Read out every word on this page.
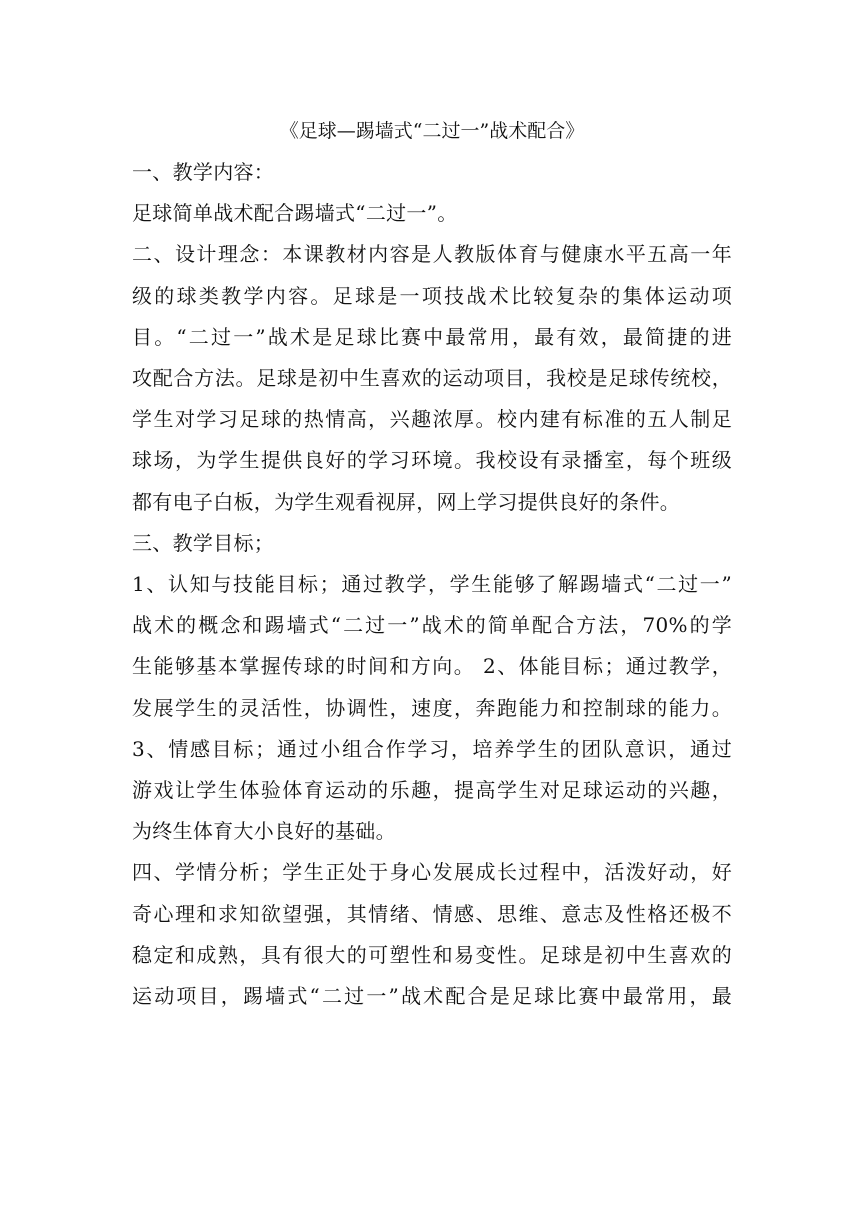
《足球—踢墙式“二过一”战术配合》

一、教学内容：

足球简单战术配合踢墙式“二过一”。

二、设计理念：本课教材内容是人教版体育与健康水平五高一年

级的球类教学内容。足球是一项技战术比较复杂的集体运动项

目。“二过一”战术是足球比赛中最常用，最有效，最简捷的进

攻配合方法。足球是初中生喜欢的运动项目，我校是足球传统校，

学生对学习足球的热情高，兴趣浓厚。校内建有标准的五人制足

球场，为学生提供良好的学习环境。我校设有录播室，每个班级

都有电子白板，为学生观看视屏，网上学习提供良好的条件。

三、教学目标；

1、认知与技能目标；通过教学，学生能够了解踢墙式“二过一”

战术的概念和踢墙式“二过一”战术的简单配合方法，70%的学

生能够基本掌握传球的时间和方向。 2、体能目标；通过教学，

发展学生的灵活性，协调性，速度，奔跑能力和控制球的能力。

3、情感目标；通过小组合作学习，培养学生的团队意识，通过

游戏让学生体验体育运动的乐趣，提高学生对足球运动的兴趣，

为终生体育大小良好的基础。

四、学情分析；学生正处于身心发展成长过程中，活泼好动，好

奇心理和求知欲望强，其情绪、情感、思维、意志及性格还极不

稳定和成熟，具有很大的可塑性和易变性。足球是初中生喜欢的

运动项目，踢墙式“二过一”战术配合是足球比赛中最常用，最
